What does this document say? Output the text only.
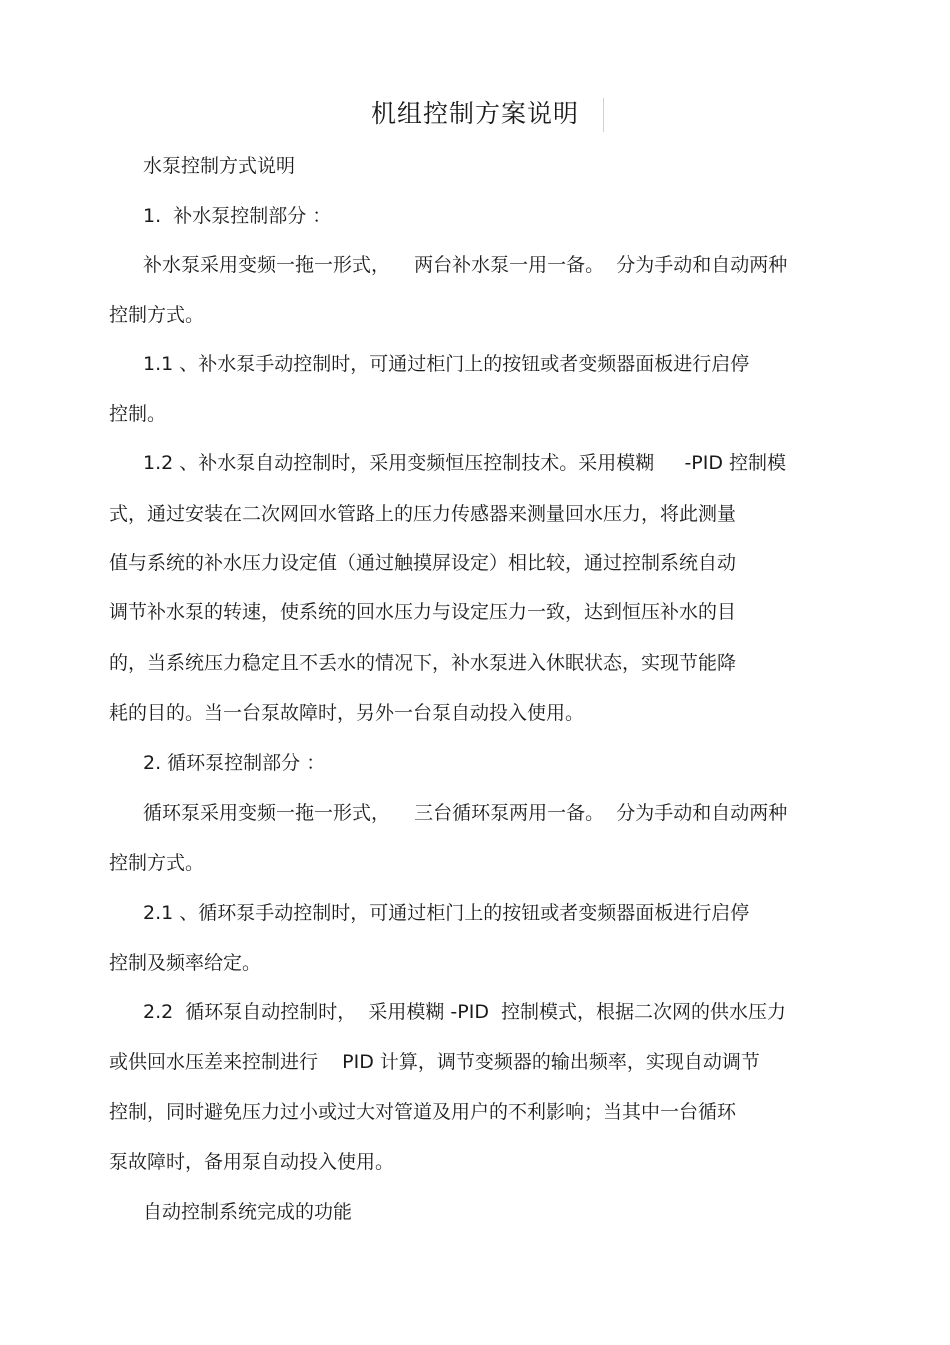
机组控制方案说明
水泵控制方式说明
1.  补水泵控制部分 ：
补水泵采用变频一拖一形式，    两台补水泵一用一备。  分为手动和自动两种
控制方式。
1.1 、补水泵手动控制时，可通过柜门上的按钮或者变频器面板进行启停
控制。
1.2 、补水泵自动控制时，采用变频恒压控制技术。采用模糊     -PID 控制模
式，通过安装在二次网回水管路上的压力传感器来测量回水压力，将此测量
值与系统的补水压力设定值（通过触摸屏设定）相比较，通过控制系统自动
调节补水泵的转速，使系统的回水压力与设定压力一致，达到恒压补水的目
的，当系统压力稳定且不丢水的情况下，补水泵进入休眠状态，实现节能降
耗的目的。当一台泵故障时，另外一台泵自动投入使用。
2. 循环泵控制部分 ：
循环泵采用变频一拖一形式，    三台循环泵两用一备。  分为手动和自动两种
控制方式。
2.1 、循环泵手动控制时，可通过柜门上的按钮或者变频器面板进行启停
控制及频率给定。
2.2  循环泵自动控制时，  采用模糊 -PID  控制模式，根据二次网的供水压力
或供回水压差来控制进行    PID 计算，调节变频器的输出频率，实现自动调节
控制，同时避免压力过小或过大对管道及用户的不利影响；当其中一台循环
泵故障时，备用泵自动投入使用。
自动控制系统完成的功能
